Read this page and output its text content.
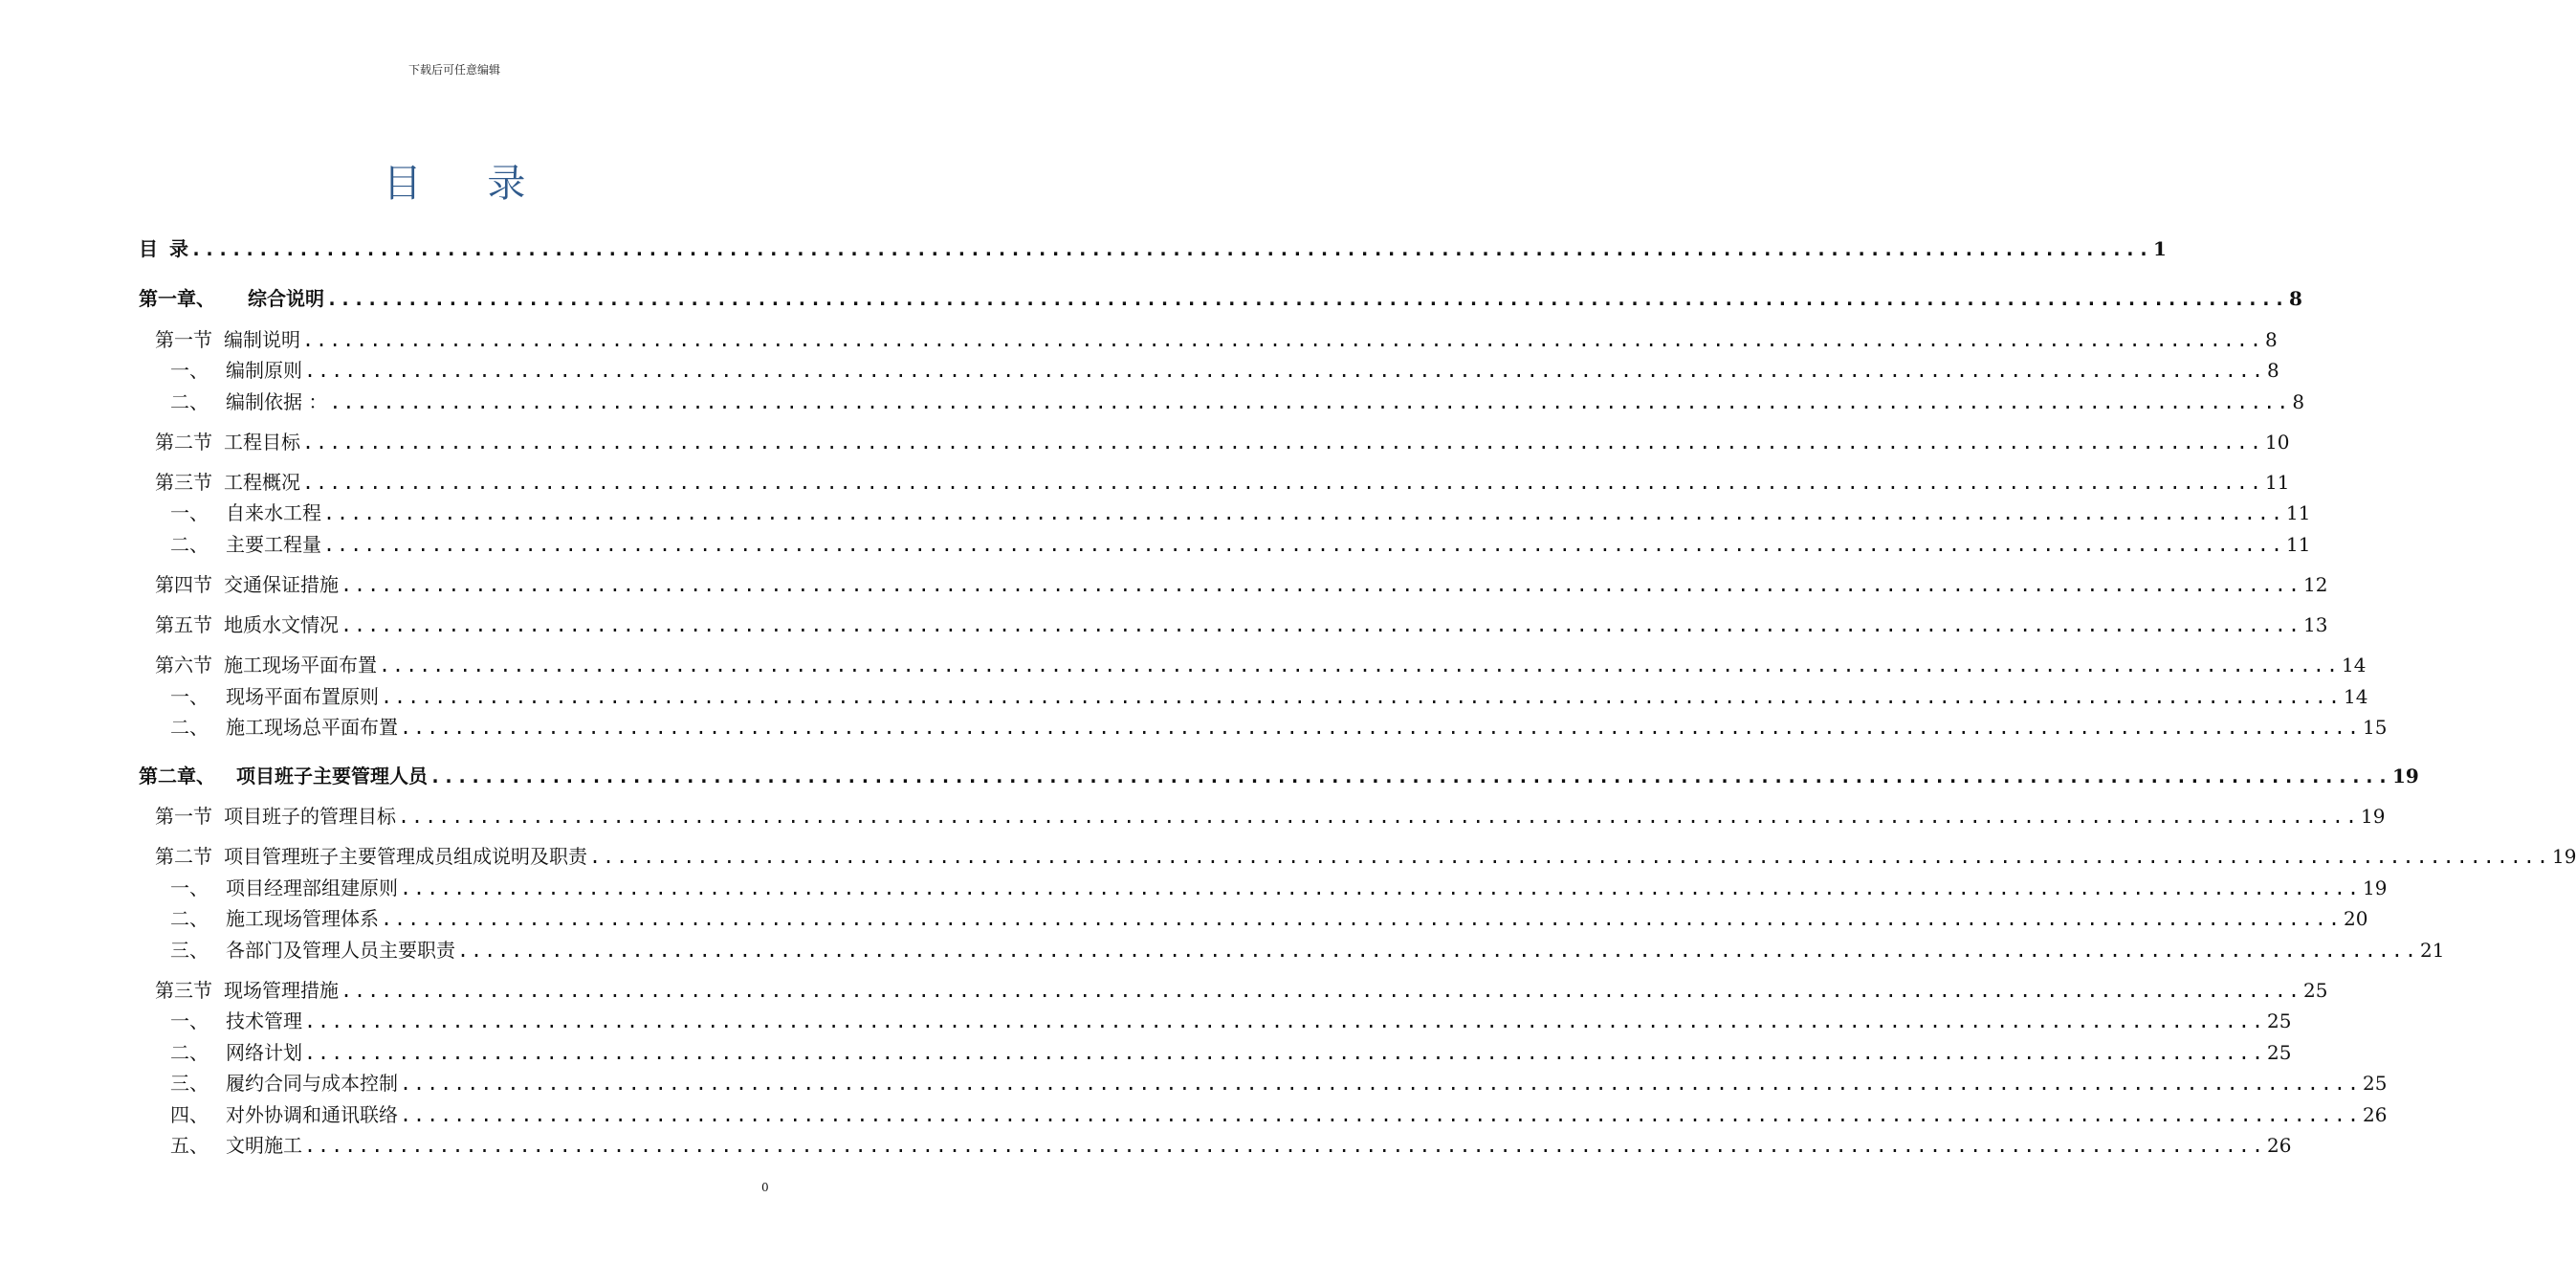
下载后可任意编辑
目 录
目 录 .................................................................................................................................................. 1
第一章、 综合说明 .................................................................................................................................................. 8
第一节 编制说明 .................................................................................................................................................. 8
一、 编制原则 .................................................................................................................................................. 8
二、 编制依据 ： .................................................................................................................................................. 8
第二节 工程目标 .................................................................................................................................................. 10
第三节 工程概况 .................................................................................................................................................. 11
一、 自来水工程 .................................................................................................................................................. 11
二、 主要工程量 .................................................................................................................................................. 11
第四节 交通保证措施 .................................................................................................................................................. 12
第五节 地质水文情况 .................................................................................................................................................. 13
第六节 施工现场平面布置 .................................................................................................................................................. 14
一、 现场平面布置原则 .................................................................................................................................................. 14
二、 施工现场总平面布置 .................................................................................................................................................. 15
第二章、 项目班子主要管理人员 .................................................................................................................................................. 19
第一节 项目班子的管理目标 .................................................................................................................................................. 19
第二节 项目管理班子主要管理成员组成说明及职责 .................................................................................................................................................. 19
一、 项目经理部组建原则 .................................................................................................................................................. 19
二、 施工现场管理体系 .................................................................................................................................................. 20
三、 各部门及管理人员主要职责 .................................................................................................................................................. 21
第三节 现场管理措施 .................................................................................................................................................. 25
一、 技术管理 .................................................................................................................................................. 25
二、 网络计划 .................................................................................................................................................. 25
三、 履约合同与成本控制 .................................................................................................................................................. 25
四、 对外协调和通讯联络 .................................................................................................................................................. 26
五、 文明施工 .................................................................................................................................................. 26
0
